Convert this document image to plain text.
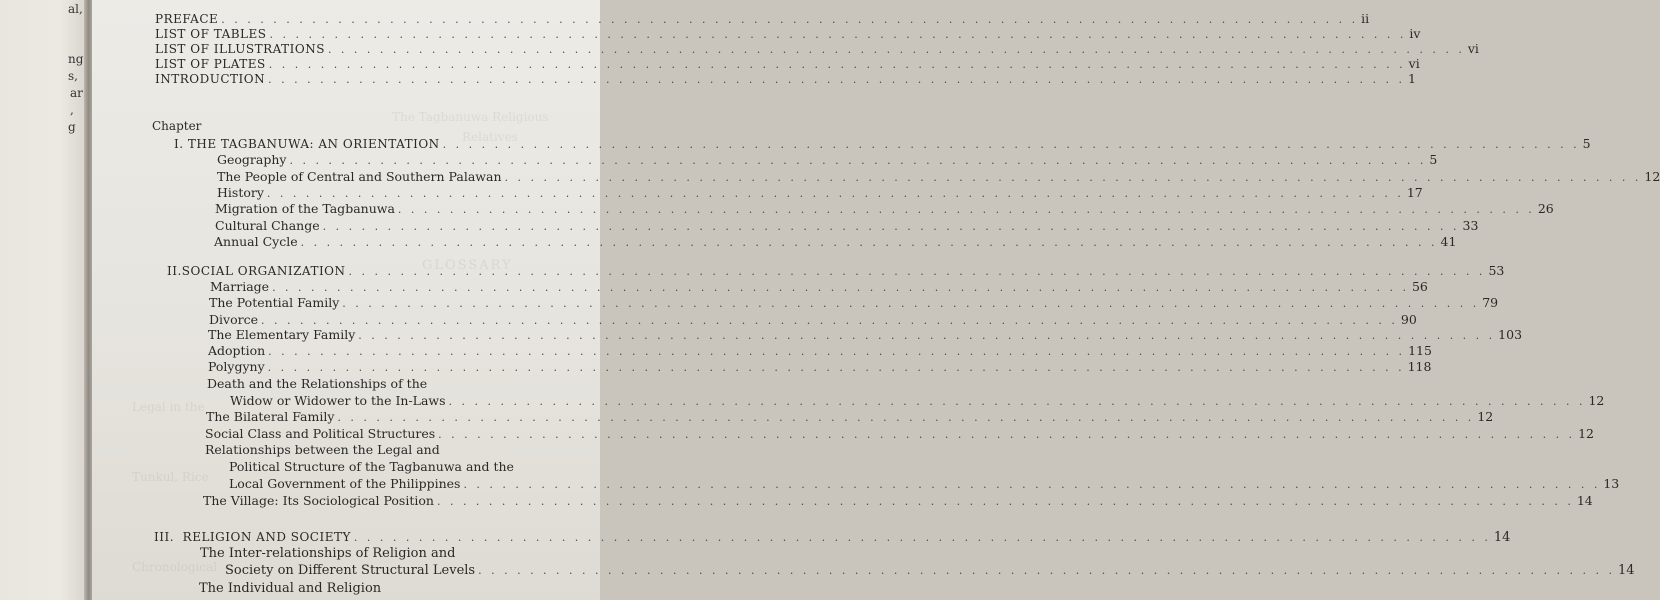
al,
ng
s,
ar
,
g
GLOSSARY
The Tagbanuwa Religious
Relatives
Tunkul, Rice
Legal in the
Chronological
PREFACE . . .	ii
LIST OF TABLES . . .	iv
LIST OF ILLUSTRATIONS . . .	vi
LIST OF PLATES . . .	vi
INTRODUCTION . . .	1
Chapter
I. THE TAGBANUWA: AN ORIENTATION . . .	5
Geography . . .	5
The People of Central and Southern Palawan . . .	12
History . . .	17
Migration of the Tagbanuwa . . .	26
Cultural Change . . .	33
Annual Cycle . . .	41
II.SOCIAL ORGANIZATION . . .	53
Marriage . . .	56
The Potential Family . . .	79
Divorce . . .	90
The Elementary Family . . .	103
Adoption . . .	115
Polygyny . . .	118
Death and the Relationships of the
Widow or Widower to the In-Laws . . .	12
The Bilateral Family . . .	12
Social Class and Political Structures . . .	12
Relationships between the Legal and
Political Structure of the Tagbanuwa and the
Local Government of the Philippines . . .	13
The Village: Its Sociological Position . . .	14
III.  RELIGION AND SOCIETY . . .	14
The Inter-relationships of Religion and
Society on Different Structural Levels . . .	14
The Individual and Religion
